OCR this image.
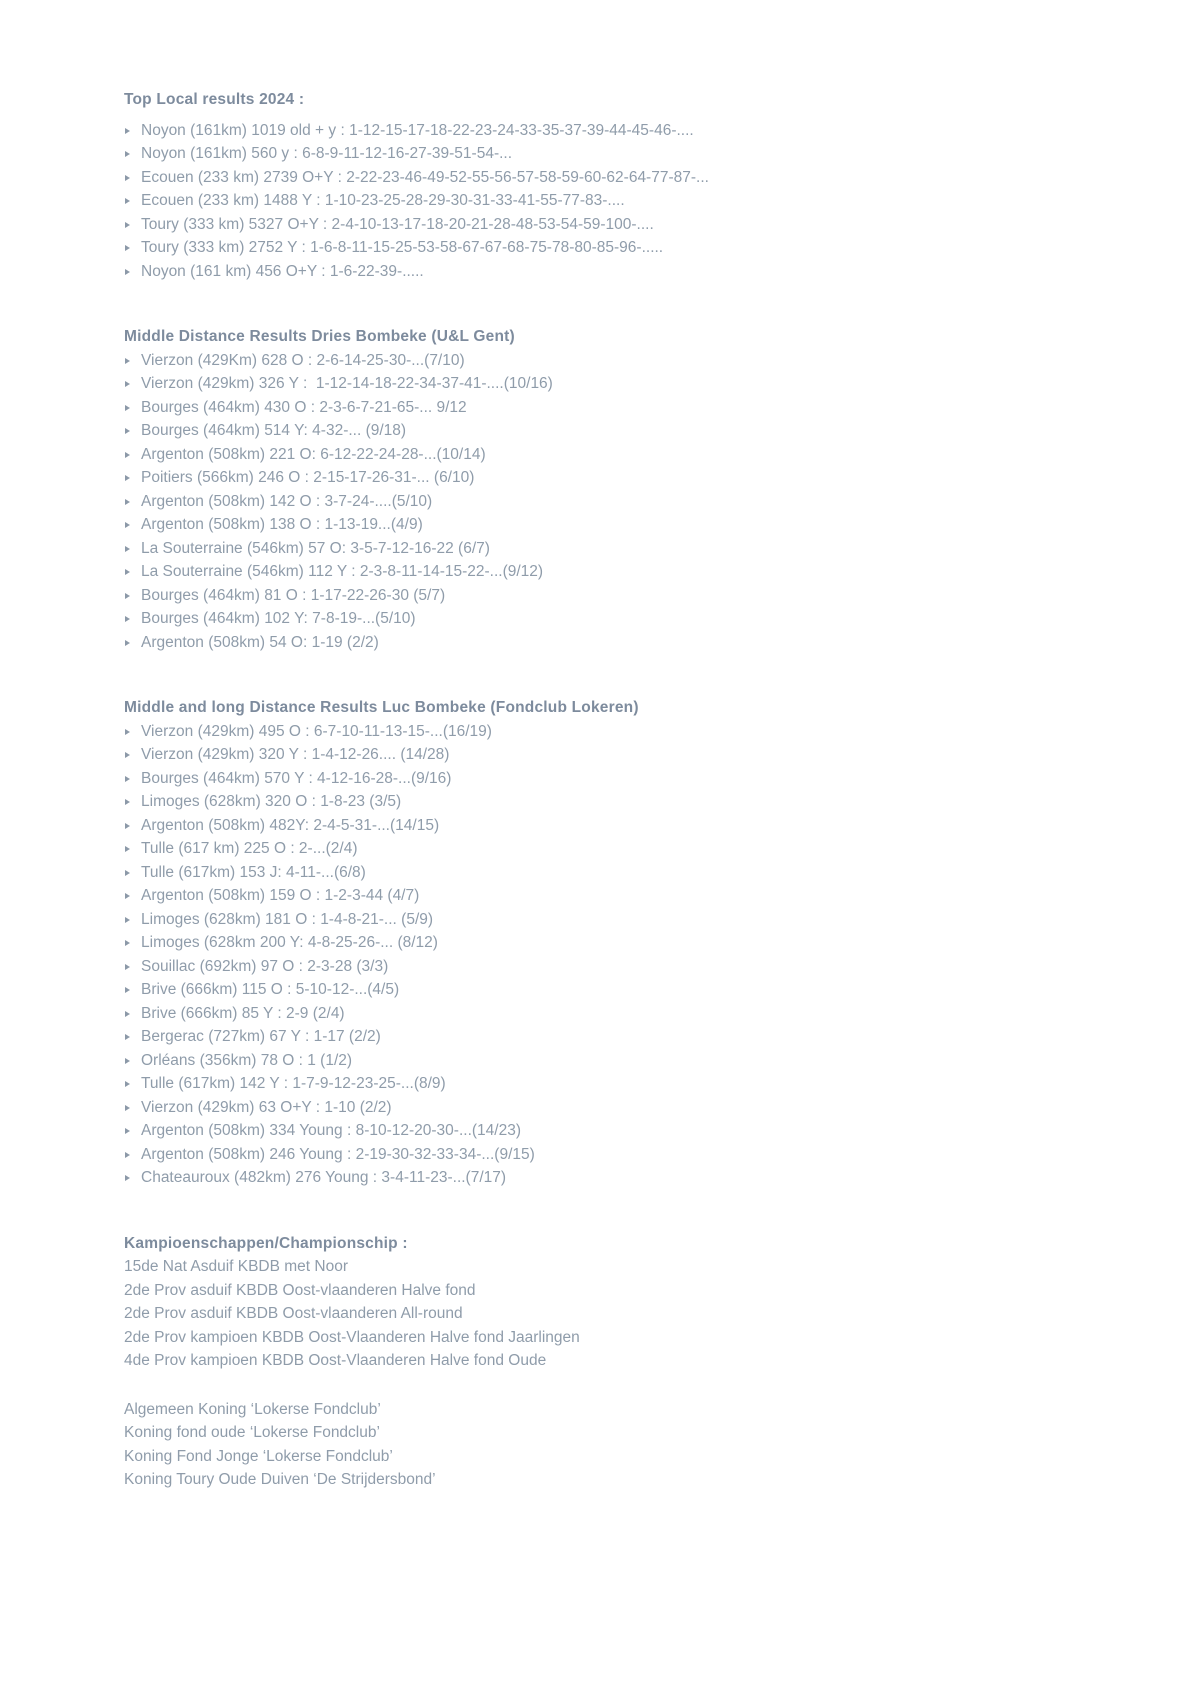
Top Local results 2024 :
Noyon (161km) 1019 old + y : 1-12-15-17-18-22-23-24-33-35-37-39-44-45-46-....
Noyon (161km) 560 y : 6-8-9-11-12-16-27-39-51-54-...
Ecouen (233 km) 2739 O+Y : 2-22-23-46-49-52-55-56-57-58-59-60-62-64-77-87-...
Ecouen (233 km) 1488 Y : 1-10-23-25-28-29-30-31-33-41-55-77-83-....
Toury (333 km) 5327 O+Y : 2-4-10-13-17-18-20-21-28-48-53-54-59-100-....
Toury (333 km) 2752 Y : 1-6-8-11-15-25-53-58-67-67-68-75-78-80-85-96-.....
Noyon (161 km) 456 O+Y : 1-6-22-39-.....
Middle Distance Results Dries Bombeke (U&L Gent)
Vierzon (429Km) 628 O : 2-6-14-25-30-...(7/10)
Vierzon (429km) 326 Y :  1-12-14-18-22-34-37-41-....(10/16)
Bourges (464km) 430 O : 2-3-6-7-21-65-... 9/12
Bourges (464km) 514 Y: 4-32-... (9/18)
Argenton (508km) 221 O: 6-12-22-24-28-...(10/14)
Poitiers (566km) 246 O : 2-15-17-26-31-... (6/10)
Argenton (508km) 142 O : 3-7-24-....(5/10)
Argenton (508km) 138 O : 1-13-19...(4/9)
La Souterraine (546km) 57 O: 3-5-7-12-16-22 (6/7)
La Souterraine (546km) 112 Y : 2-3-8-11-14-15-22-...(9/12)
Bourges (464km) 81 O : 1-17-22-26-30 (5/7)
Bourges (464km) 102 Y: 7-8-19-...(5/10)
Argenton (508km) 54 O: 1-19 (2/2)
Middle and long Distance Results Luc Bombeke (Fondclub Lokeren)
Vierzon (429km) 495 O : 6-7-10-11-13-15-...(16/19)
Vierzon (429km) 320 Y : 1-4-12-26.... (14/28)
Bourges (464km) 570 Y : 4-12-16-28-...(9/16)
Limoges (628km) 320 O : 1-8-23 (3/5)
Argenton (508km) 482Y: 2-4-5-31-...(14/15)
Tulle (617 km) 225 O : 2-...(2/4)
Tulle (617km) 153 J: 4-11-...(6/8)
Argenton (508km) 159 O : 1-2-3-44 (4/7)
Limoges (628km) 181 O : 1-4-8-21-... (5/9)
Limoges (628km 200 Y: 4-8-25-26-... (8/12)
Souillac (692km) 97 O : 2-3-28 (3/3)
Brive (666km) 115 O : 5-10-12-...(4/5)
Brive (666km) 85 Y : 2-9 (2/4)
Bergerac (727km) 67 Y : 1-17 (2/2)
Orléans (356km) 78 O : 1 (1/2)
Tulle (617km) 142 Y : 1-7-9-12-23-25-...(8/9)
Vierzon (429km) 63 O+Y : 1-10 (2/2)
Argenton (508km) 334 Young : 8-10-12-20-30-...(14/23)
Argenton (508km) 246 Young : 2-19-30-32-33-34-...(9/15)
Chateauroux (482km) 276 Young : 3-4-11-23-...(7/17)
Kampioenschappen/Championschip :
15de Nat Asduif KBDB met Noor
2de Prov asduif KBDB Oost-vlaanderen Halve fond
2de Prov asduif KBDB Oost-vlaanderen All-round
2de Prov kampioen KBDB Oost-Vlaanderen Halve fond Jaarlingen
4de Prov kampioen KBDB Oost-Vlaanderen Halve fond Oude
Algemeen Koning ‘Lokerse Fondclub’
Koning fond oude ‘Lokerse Fondclub’
Koning Fond Jonge ‘Lokerse Fondclub’
Koning Toury Oude Duiven ‘De Strijdersbond’
